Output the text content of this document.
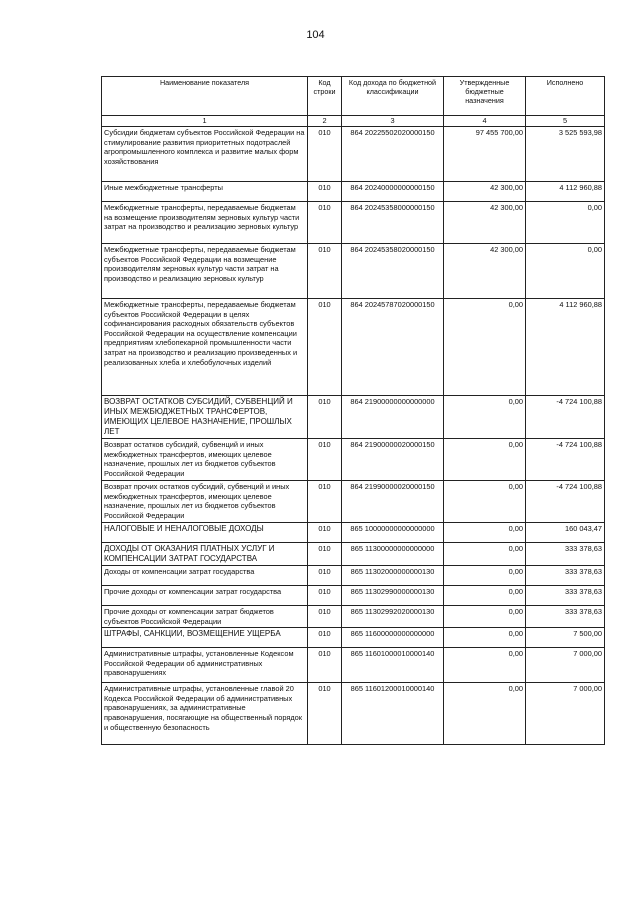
104
Наименование показателя	Код строки	Код дохода по бюджетной классификации	Утвержденные бюджетные назначения	Исполнено
1	2	3	4	5
Субсидии бюджетам субъектов Российской Федерации на стимулирование развития приоритетных подотраслей агропромышленного комплекса и развитие малых форм хозяйствования	010	864 20225502020000150	97 455 700,00	3 525 593,98
Иные межбюджетные трансферты	010	864 20240000000000150	42 300,00	4 112 960,88
Межбюджетные трансферты, передаваемые бюджетам на возмещение производителям зерновых культур части затрат на производство и реализацию зерновых культур	010	864 20245358000000150	42 300,00	0,00
Межбюджетные трансферты, передаваемые бюджетам субъектов Российской Федерации на возмещение производителям зерновых культур части затрат на производство и реализацию зерновых культур	010	864 20245358020000150	42 300,00	0,00
Межбюджетные трансферты, передаваемые бюджетам субъектов Российской Федерации в целях софинансирования расходных обязательств субъектов Российской Федерации на осуществление компенсации предприятиям хлебопекарной промышленности части затрат на производство и реализацию произведенных и реализованных хлеба и хлебобулочных изделий	010	864 20245787020000150	0,00	4 112 960,88
ВОЗВРАТ ОСТАТКОВ СУБСИДИЙ, СУБВЕНЦИЙ И ИНЫХ МЕЖБЮДЖЕТНЫХ ТРАНСФЕРТОВ, ИМЕЮЩИХ ЦЕЛЕВОЕ НАЗНАЧЕНИЕ, ПРОШЛЫХ ЛЕТ	010	864 21900000000000000	0,00	-4 724 100,88
Возврат остатков субсидий, субвенций и иных межбюджетных трансфертов, имеющих целевое назначение, прошлых лет из бюджетов субъектов Российской Федерации	010	864 21900000020000150	0,00	-4 724 100,88
Возврат прочих остатков субсидий, субвенций и иных межбюджетных трансфертов, имеющих целевое назначение, прошлых лет из бюджетов субъектов Российской Федерации	010	864 21990000020000150	0,00	-4 724 100,88
НАЛОГОВЫЕ И НЕНАЛОГОВЫЕ ДОХОДЫ	010	865 10000000000000000	0,00	160 043,47
ДОХОДЫ ОТ ОКАЗАНИЯ ПЛАТНЫХ УСЛУГ И КОМПЕНСАЦИИ ЗАТРАТ ГОСУДАРСТВА	010	865 11300000000000000	0,00	333 378,63
Доходы от компенсации затрат государства	010	865 11302000000000130	0,00	333 378,63
Прочие доходы от компенсации затрат государства	010	865 11302990000000130	0,00	333 378,63
Прочие доходы от компенсации затрат бюджетов субъектов Российской Федерации	010	865 11302992020000130	0,00	333 378,63
ШТРАФЫ, САНКЦИИ, ВОЗМЕЩЕНИЕ УЩЕРБА	010	865 11600000000000000	0,00	7 500,00
Административные штрафы, установленные Кодексом Российской Федерации об административных правонарушениях	010	865 11601000010000140	0,00	7 000,00
Административные штрафы, установленные главой 20 Кодекса Российской Федерации об административных правонарушениях, за административные правонарушения, посягающие на общественный порядок и общественную безопасность	010	865 11601200010000140	0,00	7 000,00
